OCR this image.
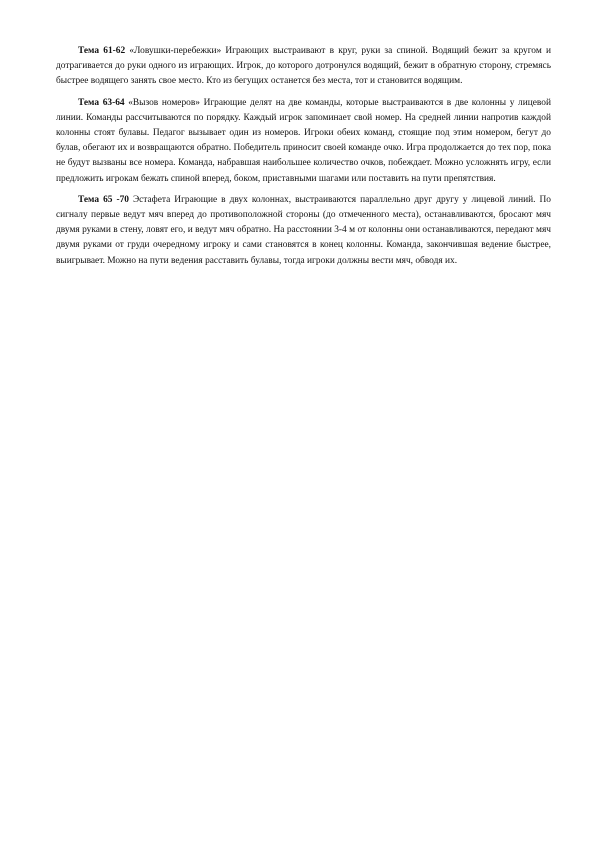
Тема 61-62 «Ловушки-перебежки» Играющих выстраивают в круг, руки за спиной. Водящий бежит за кругом и дотрагивается до руки одного из играющих. Игрок, до которого дотронулся водящий, бежит в обратную сторону, стремясь быстрее водящего занять свое место. Кто из бегущих останется без места, тот и становится водящим.

Тема 63-64 «Вызов номеров» Играющие делят на две команды, которые выстраиваются в две колонны у лицевой линии. Команды рассчитываются по порядку. Каждый игрок запоминает свой номер. На средней линии напротив каждой колонны стоят булавы. Педагог вызывает один из номеров. Игроки обеих команд, стоящие под этим номером, бегут до булав, обегают их и возвращаются обратно. Победитель приносит своей команде очко. Игра продолжается до тех пор, пока не будут вызваны все номера. Команда, набравшая наибольшее количество очков, побеждает. Можно усложнять игру, если предложить игрокам бежать спиной вперед, боком, приставными шагами или поставить на пути препятствия.

Тема 65 -70 Эстафета Играющие в двух колоннах, выстраиваются параллельно друг другу у лицевой линий. По сигналу первые ведут мяч вперед до противоположной стороны (до отмеченного места), останавливаются, бросают мяч двумя руками в стену, ловят его, и ведут мяч обратно. На расстоянии 3-4 м от колонны они останавливаются, передают мяч двумя руками от груди очередному игроку и сами становятся в конец колонны. Команда, закончившая ведение быстрее, выигрывает. Можно на пути ведения расставить булавы, тогда игроки должны вести мяч, обводя их.
